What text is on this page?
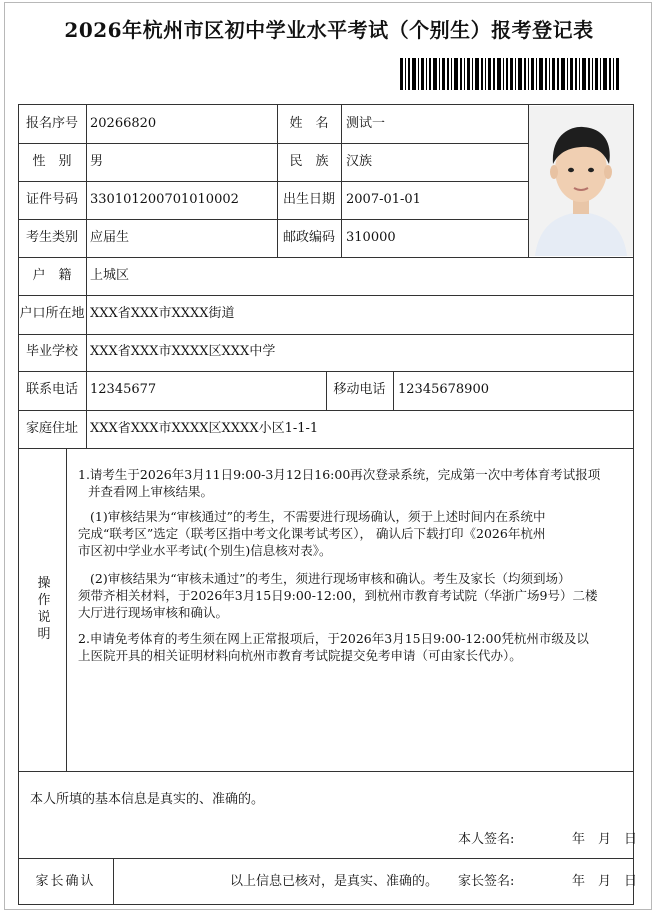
2026年杭州市区初中学业水平考试（个别生）报考登记表
报名序号 20266820	姓　名	测试一
性　别	男	民　族	汉族
证件号码 330101200701010002	出生日期 2007-01-01
考生类别 应届生	邮政编码 310000
户　籍	上城区
户口所在地 XXX省XXX市XXXX街道
毕业学校 XXX省XXX市XXXX区XXX中学
联系电话 12345677	移动电话 12345678900
家庭住址 XXX省XXX市XXXX区XXXX小区1-1-1
操作说明
1.请考生于2026年3月11日9:00-3月12日16:00再次登录系统，完成第一次中考体育考试报项
并查看网上审核结果。
(1)审核结果为“审核通过”的考生，不需要进行现场确认，须于上述时间内在系统中
完成“联考区”选定（联考区指中考文化课考试考区）， 确认后下载打印《2026年杭州
市区初中学业水平考试(个别生)信息核对表》。
(2)审核结果为“审核未通过”的考生，须进行现场审核和确认。考生及家长（均须到场）
须带齐相关材料，于2026年3月15日9:00-12:00，到杭州市教育考试院（华浙广场9号）二楼
大厅进行现场审核和确认。
2.申请免考体育的考生须在网上正常报项后，于2026年3月15日9:00-12:00凭杭州市级及以
上医院开具的相关证明材料向杭州市教育考试院提交免考申请（可由家长代办）。
本人所填的基本信息是真实的、准确的。
本人签名:	年　月　日
家长确认	以上信息已核对，是真实、准确的。 家长签名:	年　月　日
